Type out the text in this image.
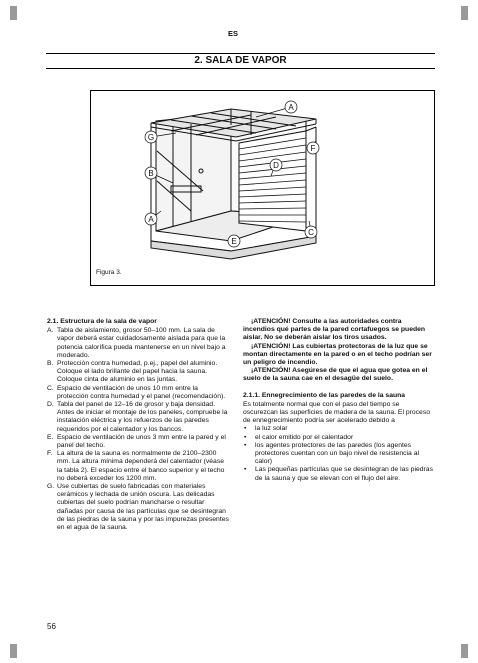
ES
2. SALA DE VAPOR
A
F
G
D
B
C
E
A
Figura 3.
2.1. Estructura de la sala de vapor
A. Tabla de aislamiento, grosor 50–100 mm. La sala de vapor deberá estar cuidadosamente aislada para que la potencia calorífica pueda mantenerse en un nivel bajo a moderado.
B. Protección contra humedad, p.ej., papel del aluminio. Coloque el lado brillante del papel hacia la sauna. Coloque cinta de aluminio en las juntas.
C. Espacio de ventilación de unos 10 mm entre la protección contra humedad y el panel (recomendación).
D. Tabla del panel de 12–16 de grosor y baja densidad. Antes de iniciar el montaje de los paneles, compruebe la instalación eléctrica y los refuerzos de las paredes requeridos por el calentador y los bancos.
E. Espacio de ventilación de unos 3 mm entre la pared y el panel del techo.
F. La altura de la sauna es normalmente de 2100–2300 mm. La altura mínima dependerá del calentador (véase la tabla 2). El espacio entre el banco superior y el techo no deberá exceder los 1200 mm.
G. Use cubiertas de suelo fabricadas con materiales cerámicos y lechada de unión oscura. Las delicadas cubiertas del suelo podrían mancharse o resultar dañadas por causa de las partículas que se desintegran de las piedras de la sauna y por las impurezas presentes en el agua de la sauna.
¡ATENCIÓN! Consulte a las autoridades contra incendios qué partes de la pared cortafuegos se pueden aislar. No se deberán aislar los tiros usados.
¡ATENCIÓN! Las cubiertas protectoras de la luz que se montan directamente en la pared o en el techo podrían ser un peligro de incendio.
¡ATENCIÓN! Asegúrese de que el agua que gotea en el suelo de la sauna cae en el desagüe del suelo.
2.1.1. Ennegrecimiento de las paredes de la sauna
Es totalmente normal que con el paso del tiempo se oscurezcan las superficies de madera de la sauna. El proceso de ennegrecimiento podría ser acelerado debido a
•	la luz solar
•	el calor emitido por el calentador
•	los agentes protectores de las paredes (los agentes protectores cuentan con un bajo nivel de resistencia al calor)
•	Las pequeñas partículas que se desintegran de las piedras de la sauna y que se elevan con el flujo del aire.
56
